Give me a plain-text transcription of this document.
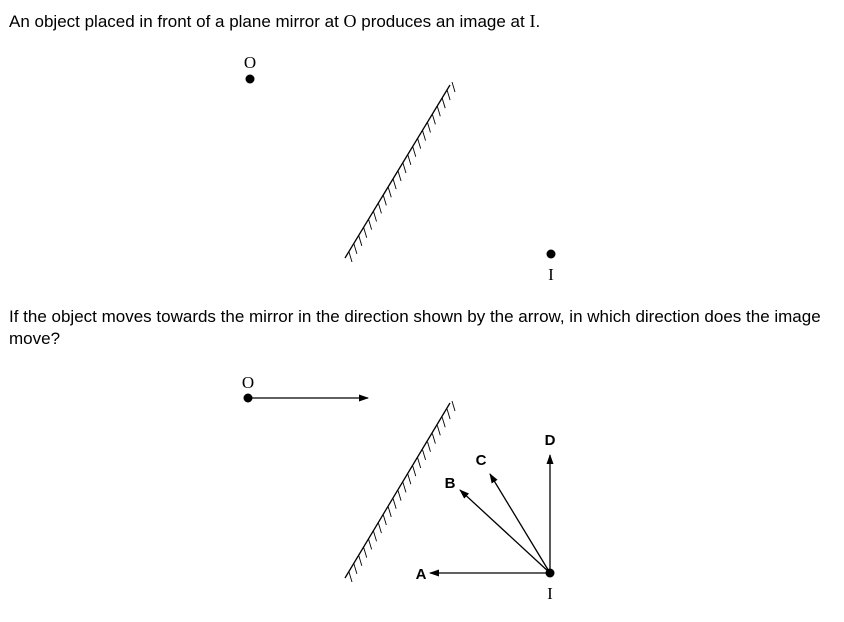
An object placed in front of a plane mirror at O produces an image at I.

If the object moves towards the mirror in the direction shown by the arrow, in which direction does the image move?

O
I
O
I
A
B
C
D
